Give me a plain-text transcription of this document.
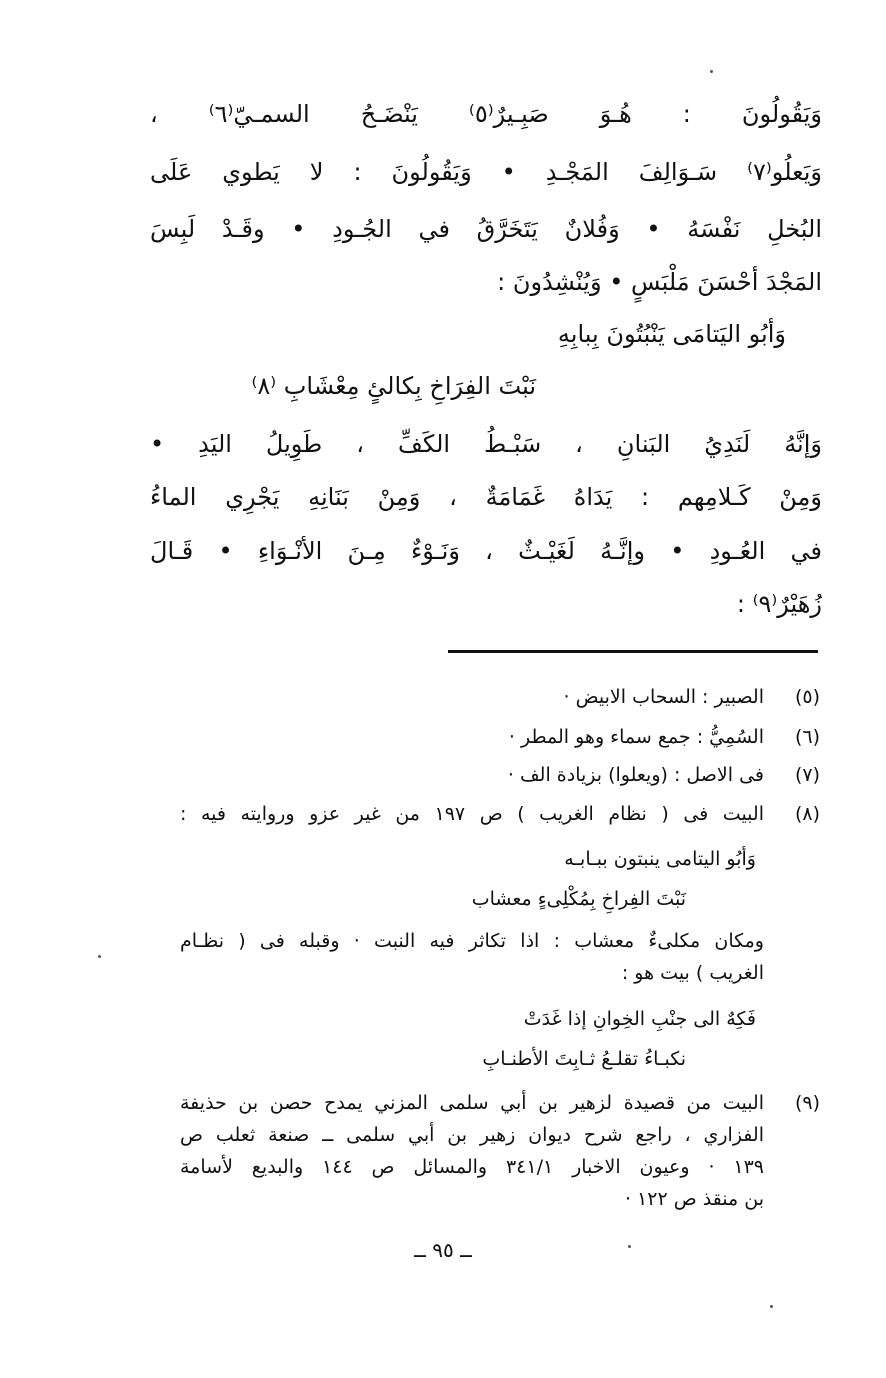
وَيَقُولُونَ : هُـوَ صَبِـيرٌ⁽٥⁾ يَنْضَـحُ السمـيّ⁽٦⁾ ،
وَيَعلُو⁽٧⁾ سَـوَالِفَ المَجْـدِ • وَيَقُولُونَ : لا يَطوي عَلَى
البُخلِ نَفْسَهُ • وَفُلانٌ يَتَخَرَّقُ في الجُـودِ • وقَـدْ لَبِسَ
المَجْدَ أحْسَنَ مَلْبَسٍ • وَيُنْشِدُونَ :
وَأبُو اليَتامَى يَنْبُتُونَ بِبابِهِ
نَبْتَ الفِرَاخِ بِكالئٍ مِعْشَابِ ⁽٨⁾
وَإنَّهُ لَنَدِيُ البَنانِ ، سَبْـطُ الكَفِّ ، طَوِيلُ اليَدِ •
وَمِنْ كَـلامِهم : يَدَاهُ غَمَامَةٌ ، وَمِنْ بَنَانِهِ يَجْرِي الماءُ
في العُـودِ • وإنَّـهُ لَغَيْـثٌ ، وَنَـوْءٌ مِـنَ الأنْـوَاءِ • قَـالَ
زُهَيْرٌ⁽٩⁾ :
(٥)
الصبير : السحاب الابيض ·
(٦)
السُمِيُّ : جمع سماء وهو المطر ·
(٧)
فى الاصل : (ويعلوا) بزيادة الف ·
(٨)
البيت فى ( نظام الغريب ) ص ١٩٧ من غير عزو وروايته فيه :
وَأبُو اليتامى ينبتون ببـابـه
نَبْتَ الفِراخِ بِمُكْلِىءٍ معشاب
ومكان مكلىءٌ معشاب : اذا تكاثر فيه النبت · وقبله فى ( نظـام
الغريب ) بيت هو :
فَكِهٌ الى جنْبِ الخِوانِ إذا غَدَتْ
نكبـاءُ تقلـعُ ثـابِتَ الأطنـابِ
(٩)
البيت من قصيدة لزهير بن أبي سلمى المزني يمدح حصن بن حذيفة
الفزاري ، راجع شرح ديوان زهير بن أبي سلمى ــ صنعة ثعلب ص
١٣٩ · وعيون الاخبار ٣٤١/١ والمسائل ص ١٤٤ والبديع لأسامة
بن منقذ ص ١٢٢ ·
ــ ٩٥ ــ
